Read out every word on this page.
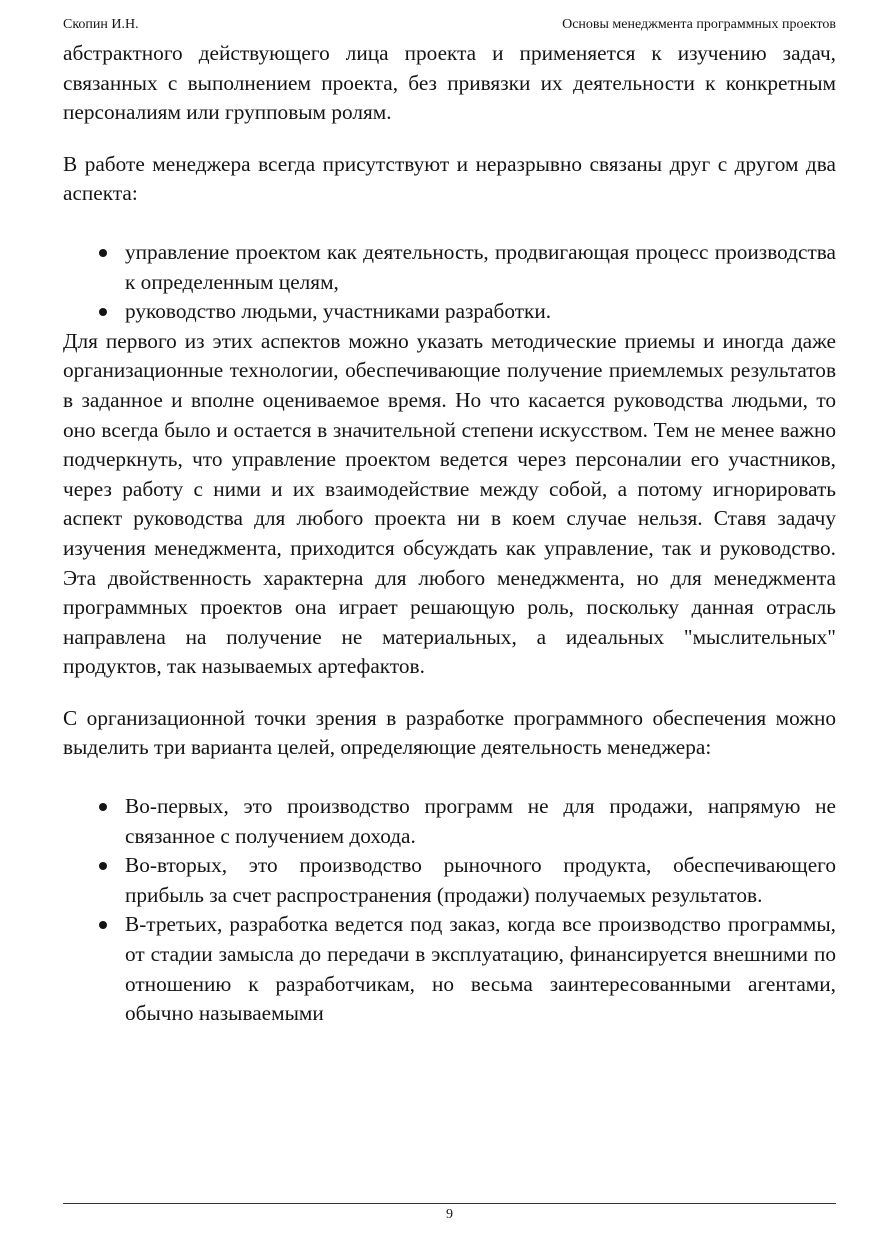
Скопин И.Н.	Основы менеджмента программных проектов

абстрактного действующего лица проекта и применяется к изучению задач, связанных с выполнением проекта, без привязки их деятельности к конкретным персоналиям или групповым ролям.

В работе менеджера всегда присутствуют и неразрывно связаны друг с другом два аспекта:

управление проектом как деятельность, продвигающая процесс производства к определенным целям,
руководство людьми, участниками разработки.

Для первого из этих аспектов можно указать методические приемы и иногда даже организационные технологии, обеспечивающие получение приемлемых результатов в заданное и вполне оцениваемое время. Но что касается руководства людьми, то оно всегда было и остается в значительной степени искусством. Тем не менее важно подчеркнуть, что управление проектом ведется через персоналии его участников, через работу с ними и их взаимодействие между собой, а потому игнорировать аспект руководства для любого проекта ни в коем случае нельзя. Ставя задачу изучения менеджмента, приходится обсуждать как управление, так и руководство. Эта двойственность характерна для любого менеджмента, но для менеджмента программных проектов она играет решающую роль, поскольку данная отрасль направлена на получение не материальных, а идеальных "мыслительных" продуктов, так называемых артефактов.

С организационной точки зрения в разработке программного обеспечения можно выделить три варианта целей, определяющие деятельность менеджера:

Во-первых, это производство программ не для продажи, напрямую не связанное с получением дохода.
Во-вторых, это производство рыночного продукта, обеспечивающего прибыль за счет распространения (продажи) получаемых результатов.
В-третьих, разработка ведется под заказ, когда все производство программы, от стадии замысла до передачи в эксплуатацию, финансируется внешними по отношению к разработчикам, но весьма заинтересованными агентами, обычно называемыми
9
